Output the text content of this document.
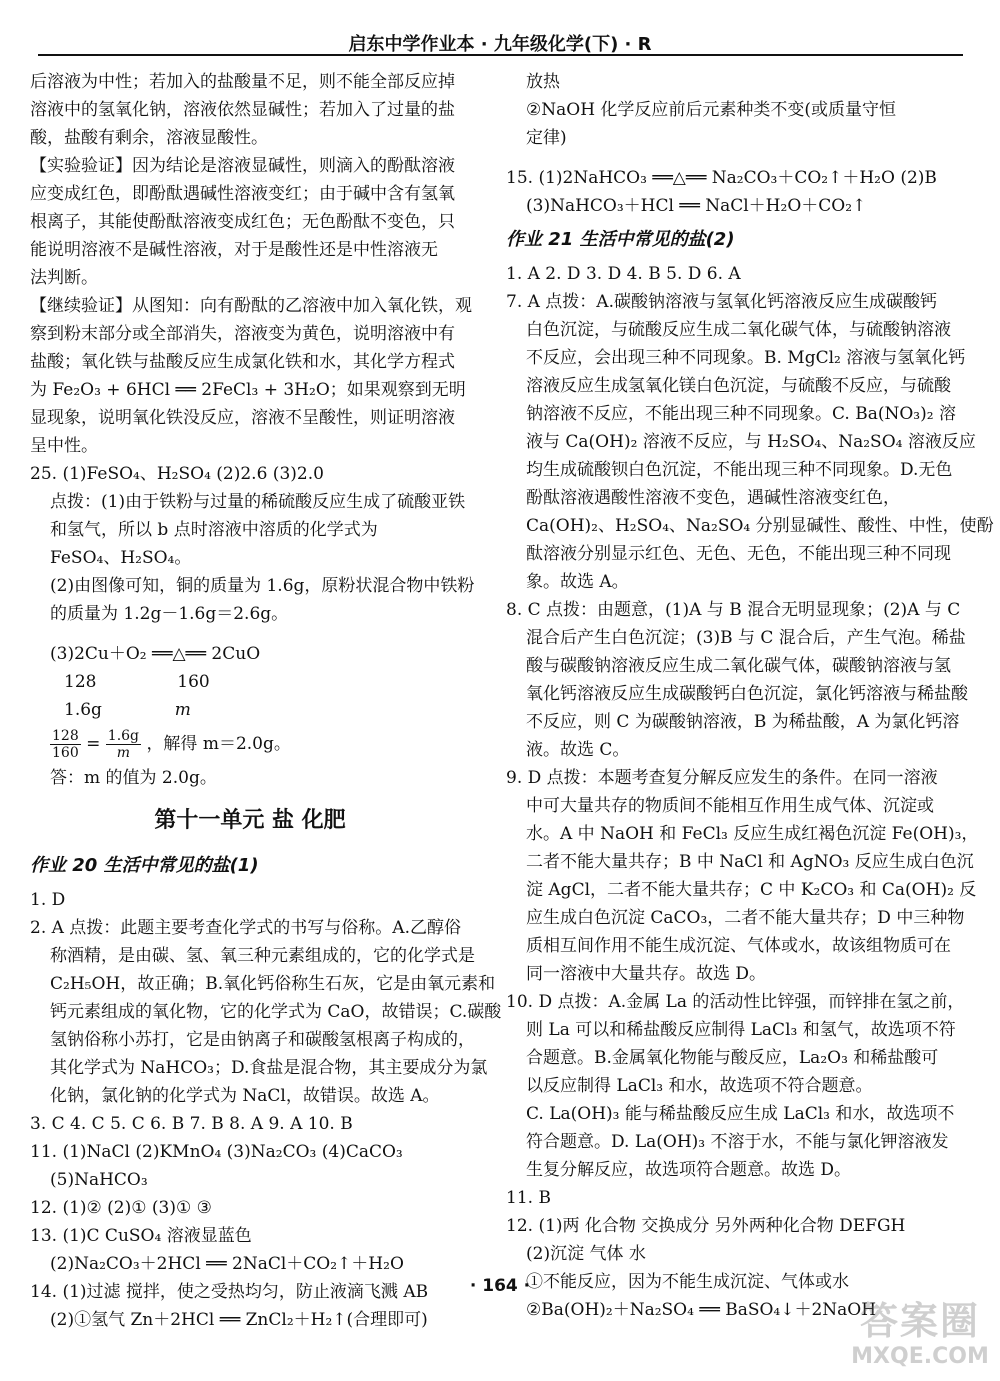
启东中学作业本 · 九年级化学(下) · R
后溶液为中性；若加入的盐酸量不足，则不能全部反应掉
溶液中的氢氧化钠，溶液依然显碱性；若加入了过量的盐
酸，盐酸有剩余，溶液显酸性。
【实验验证】因为结论是溶液显碱性，则滴入的酚酞溶液
应变成红色，即酚酞遇碱性溶液变红；由于碱中含有氢氧
根离子，其能使酚酞溶液变成红色；无色酚酞不变色，只
能说明溶液不是碱性溶液，对于是酸性还是中性溶液无
法判断。
【继续验证】从图知：向有酚酞的乙溶液中加入氧化铁，观
察到粉末部分或全部消失，溶液变为黄色，说明溶液中有
盐酸；氧化铁与盐酸反应生成氯化铁和水，其化学方程式
为 Fe₂O₃ + 6HCl ══ 2FeCl₃ + 3H₂O；如果观察到无明
显现象，说明氧化铁没反应，溶液不呈酸性，则证明溶液
呈中性。
25. (1)FeSO₄、H₂SO₄ (2)2.6 (3)2.0
点拨：(1)由于铁粉与过量的稀硫酸反应生成了硫酸亚铁
和氢气，所以 b 点时溶液中溶质的化学式为
FeSO₄、H₂SO₄。
(2)由图像可知，铜的质量为 1.6g，原粉状混合物中铁粉
的质量为 1.2g－1.6g＝2.6g。
(3)2Cu＋O₂ ══△══ 2CuO
128	160
1.6g	m
$\frac{128}{160} = \frac{1.6g}{m}$ ，解得 m＝2.0g。
答：m 的值为 2.0g。
第十一单元 盐 化肥
作业 20 生活中常见的盐(1)
1. D
2. A 点拨：此题主要考查化学式的书写与俗称。A.乙醇俗
称酒精，是由碳、氢、氧三种元素组成的，它的化学式是
C₂H₅OH，故正确；B.氧化钙俗称生石灰，它是由氧元素和
钙元素组成的氧化物，它的化学式为 CaO，故错误；C.碳酸
氢钠俗称小苏打，它是由钠离子和碳酸氢根离子构成的，
其化学式为 NaHCO₃；D.食盐是混合物，其主要成分为氯
化钠，氯化钠的化学式为 NaCl，故错误。故选 A。
3. C 4. C 5. C 6. B 7. B 8. A 9. A 10. B
11. (1)NaCl (2)KMnO₄ (3)Na₂CO₃ (4)CaCO₃
(5)NaHCO₃
12. (1)② (2)① (3)① ③
13. (1)C CuSO₄ 溶液显蓝色
(2)Na₂CO₃＋2HCl ══ 2NaCl＋CO₂↑＋H₂O
14. (1)过滤 搅拌，使之受热均匀，防止液滴飞溅 AB
(2)①氢气 Zn＋2HCl ══ ZnCl₂＋H₂↑(合理即可)
放热
②NaOH 化学反应前后元素种类不变(或质量守恒
定律)
15. (1)2NaHCO₃ ══△══ Na₂CO₃＋CO₂↑＋H₂O (2)B
(3)NaHCO₃＋HCl ══ NaCl＋H₂O＋CO₂↑
作业 21 生活中常见的盐(2)
1. A 2. D 3. D 4. B 5. D 6. A
7. A 点拨：A.碳酸钠溶液与氢氧化钙溶液反应生成碳酸钙
白色沉淀，与硫酸反应生成二氧化碳气体，与硫酸钠溶液
不反应，会出现三种不同现象。B. MgCl₂ 溶液与氢氧化钙
溶液反应生成氢氧化镁白色沉淀，与硫酸不反应，与硫酸
钠溶液不反应，不能出现三种不同现象。C. Ba(NO₃)₂ 溶
液与 Ca(OH)₂ 溶液不反应，与 H₂SO₄、Na₂SO₄ 溶液反应
均生成硫酸钡白色沉淀，不能出现三种不同现象。D.无色
酚酞溶液遇酸性溶液不变色，遇碱性溶液变红色，
Ca(OH)₂、H₂SO₄、Na₂SO₄ 分别显碱性、酸性、中性，使酚
酞溶液分别显示红色、无色、无色，不能出现三种不同现
象。故选 A。
8. C 点拨：由题意，(1)A 与 B 混合无明显现象；(2)A 与 C
混合后产生白色沉淀；(3)B 与 C 混合后，产生气泡。稀盐
酸与碳酸钠溶液反应生成二氧化碳气体，碳酸钠溶液与氢
氧化钙溶液反应生成碳酸钙白色沉淀，氯化钙溶液与稀盐酸
不反应，则 C 为碳酸钠溶液，B 为稀盐酸，A 为氯化钙溶
液。故选 C。
9. D 点拨：本题考查复分解反应发生的条件。在同一溶液
中可大量共存的物质间不能相互作用生成气体、沉淀或
水。A 中 NaOH 和 FeCl₃ 反应生成红褐色沉淀 Fe(OH)₃，
二者不能大量共存；B 中 NaCl 和 AgNO₃ 反应生成白色沉
淀 AgCl，二者不能大量共存；C 中 K₂CO₃ 和 Ca(OH)₂ 反
应生成白色沉淀 CaCO₃，二者不能大量共存；D 中三种物
质相互间作用不能生成沉淀、气体或水，故该组物质可在
同一溶液中大量共存。故选 D。
10. D 点拨：A.金属 La 的活动性比锌强，而锌排在氢之前，
则 La 可以和稀盐酸反应制得 LaCl₃ 和氢气，故选项不符
合题意。B.金属氧化物能与酸反应，La₂O₃ 和稀盐酸可
以反应制得 LaCl₃ 和水，故选项不符合题意。
C. La(OH)₃ 能与稀盐酸反应生成 LaCl₃ 和水，故选项不
符合题意。D. La(OH)₃ 不溶于水，不能与氯化钾溶液发
生复分解反应，故选项符合题意。故选 D。
11. B
12. (1)两 化合物 交换成分 另外两种化合物 DEFGH
(2)沉淀 气体 水
①不能反应，因为不能生成沉淀、气体或水
②Ba(OH)₂＋Na₂SO₄ ══ BaSO₄↓＋2NaOH
· 164 ·
答案圈
MXQE.COM
